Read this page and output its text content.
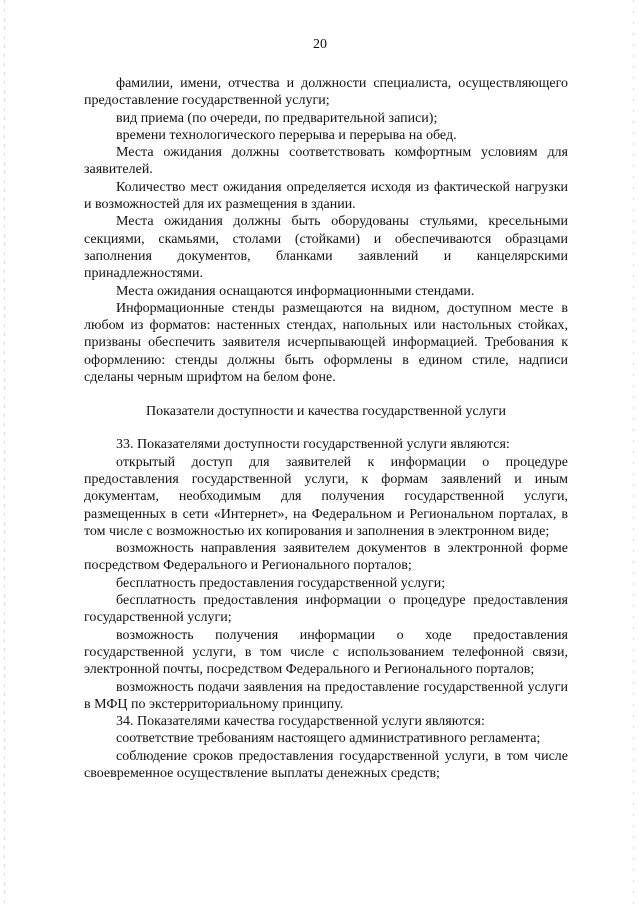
20

фамилии, имени, отчества и должности специалиста, осуществляющего предоставление государственной услуги;

вид приема (по очереди, по предварительной записи);

времени технологического перерыва и перерыва на обед.

Места ожидания должны соответствовать комфортным условиям для заявителей.

Количество мест ожидания определяется исходя из фактической нагрузки и возможностей для их размещения в здании.

Места ожидания должны быть оборудованы стульями, кресельными секциями, скамьями, столами (стойками) и обеспечиваются образцами заполнения документов, бланками заявлений и канцелярскими принадлежностями.

Места ожидания оснащаются информационными стендами.

Информационные стенды размещаются на видном, доступном месте в любом из форматов: настенных стендах, напольных или настольных стойках, призваны обеспечить заявителя исчерпывающей информацией. Требования к оформлению: стенды должны быть оформлены в едином стиле, надписи сделаны черным шрифтом на белом фоне.

Показатели доступности и качества государственной услуги

33. Показателями доступности государственной услуги являются:

открытый доступ для заявителей к информации о процедуре предоставления государственной услуги, к формам заявлений и иным документам, необходимым для получения государственной услуги, размещенных в сети «Интернет», на Федеральном и Региональном порталах, в том числе с возможностью их копирования и заполнения в электронном виде;

возможность направления заявителем документов в электронной форме посредством Федерального и Регионального порталов;

бесплатность предоставления государственной услуги;

бесплатность предоставления информации о процедуре предоставления государственной услуги;

возможность получения информации о ходе предоставления государственной услуги, в том числе с использованием телефонной связи, электронной почты, посредством Федерального и Регионального порталов;

возможность подачи заявления на предоставление государственной услуги в МФЦ по экстерриториальному принципу.

34. Показателями качества государственной услуги являются:

соответствие требованиям настоящего административного регламента;

соблюдение сроков предоставления государственной услуги, в том числе своевременное осуществление выплаты денежных средств;
